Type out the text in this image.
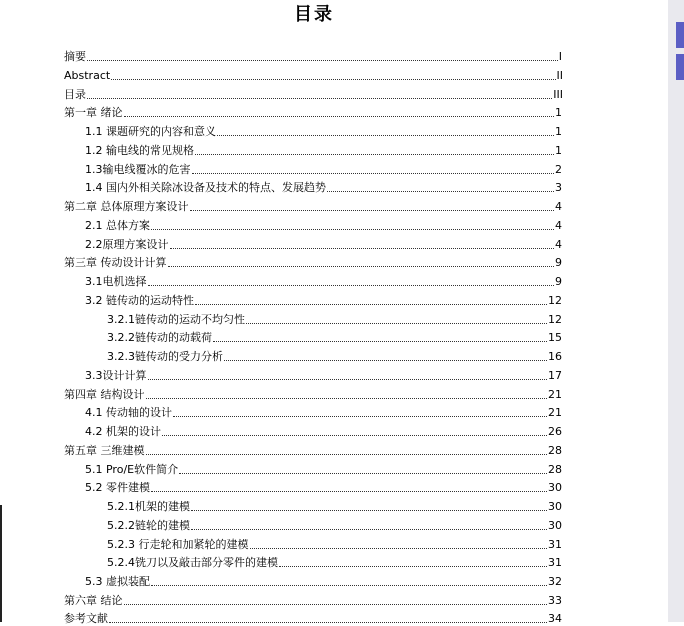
目录
摘要	I
Abstract	II
目录	III
第一章 绪论	1
1.1 课题研究的内容和意义	1
1.2 输电线的常见规格	1
1.3输电线覆冰的危害	2
1.4 国内外相关除冰设备及技术的特点、发展趋势	3
第二章 总体原理方案设计	4
2.1 总体方案	4
2.2原理方案设计	4
第三章 传动设计计算	9
3.1电机选择	9
3.2 链传动的运动特性	12
3.2.1链传动的运动不均匀性	12
3.2.2链传动的动载荷	15
3.2.3链传动的受力分析	16
3.3设计计算	17
第四章 结构设计	21
4.1 传动轴的设计	21
4.2 机架的设计	26
第五章 三维建模	28
5.1 Pro/E软件简介	28
5.2 零件建模	30
5.2.1机架的建模	30
5.2.2链轮的建模	30
5.2.3 行走轮和加紧轮的建模	31
5.2.4铣刀以及敲击部分零件的建模	31
5.3 虚拟装配	32
第六章 结论	33
参考文献	34
